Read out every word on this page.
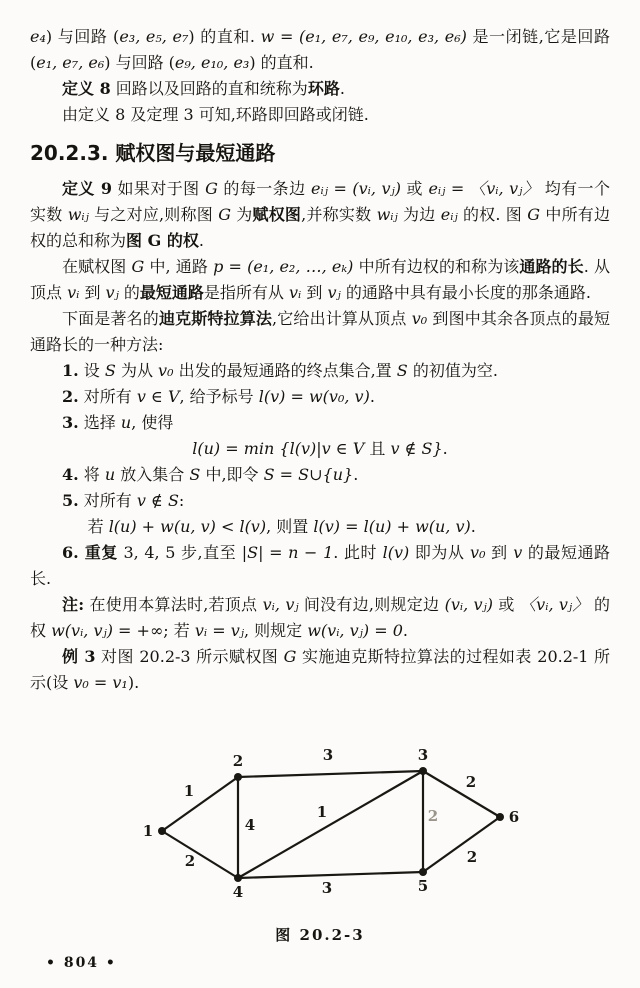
e₄) 与回路 (e₃, e₅, e₇) 的直和. w = (e₁, e₇, e₉, e₁₀, e₃, e₆) 是一闭链,它是回路 (e₁, e₇, e₆) 与回路 (e₉, e₁₀, e₃) 的直和.

定义 8 回路以及回路的直和统称为环路.

由定义 8 及定理 3 可知,环路即回路或闭链.

20.2.3. 赋权图与最短通路

定义 9 如果对于图 G 的每一条边 eᵢⱼ = (vᵢ, vⱼ) 或 eᵢⱼ = 〈vᵢ, vⱼ〉 均有一个实数 wᵢⱼ 与之对应,则称图 G 为赋权图,并称实数 wᵢⱼ 为边 eᵢⱼ 的权. 图 G 中所有边权的总和称为图 G 的权.

在赋权图 G 中, 通路 p = (e₁, e₂, …, eₖ) 中所有边权的和称为该通路的长. 从顶点 vᵢ 到 vⱼ 的最短通路是指所有从 vᵢ 到 vⱼ 的通路中具有最小长度的那条通路.

下面是著名的迪克斯特拉算法,它给出计算从顶点 v₀ 到图中其余各顶点的最短通路长的一种方法:

1. 设 S 为从 v₀ 出发的最短通路的终点集合,置 S 的初值为空.

2. 对所有 v ∈ V, 给予标号 l(v) = w(v₀, v).

3. 选择 u, 使得

l(u) = min {l(v)|v ∈ V 且 v ∉ S}.

4. 将 u 放入集合 S 中,即令 S = S∪{u}.

5. 对所有 v ∉ S:

若 l(u) + w(u, v) < l(v), 则置 l(v) = l(u) + w(u, v).

6. 重复 3, 4, 5 步,直至 |S| = n − 1. 此时 l(v) 即为从 v₀ 到 v 的最短通路长.

注: 在使用本算法时,若顶点 vᵢ, vⱼ 间没有边,则规定边 (vᵢ, vⱼ) 或 〈vᵢ, vⱼ〉 的权 w(vᵢ, vⱼ) = +∞; 若 vᵢ = vⱼ, 则规定 w(vᵢ, vⱼ) = 0.

例 3 对图 20.2-3 所示赋权图 G 实施迪克斯特拉算法的过程如表 20.2-1 所示(设 v₀ = v₁).

1
2
3
4
1	2
2
3
2
1
2	3
4	5
6
图 20.2-3
• 804 •
